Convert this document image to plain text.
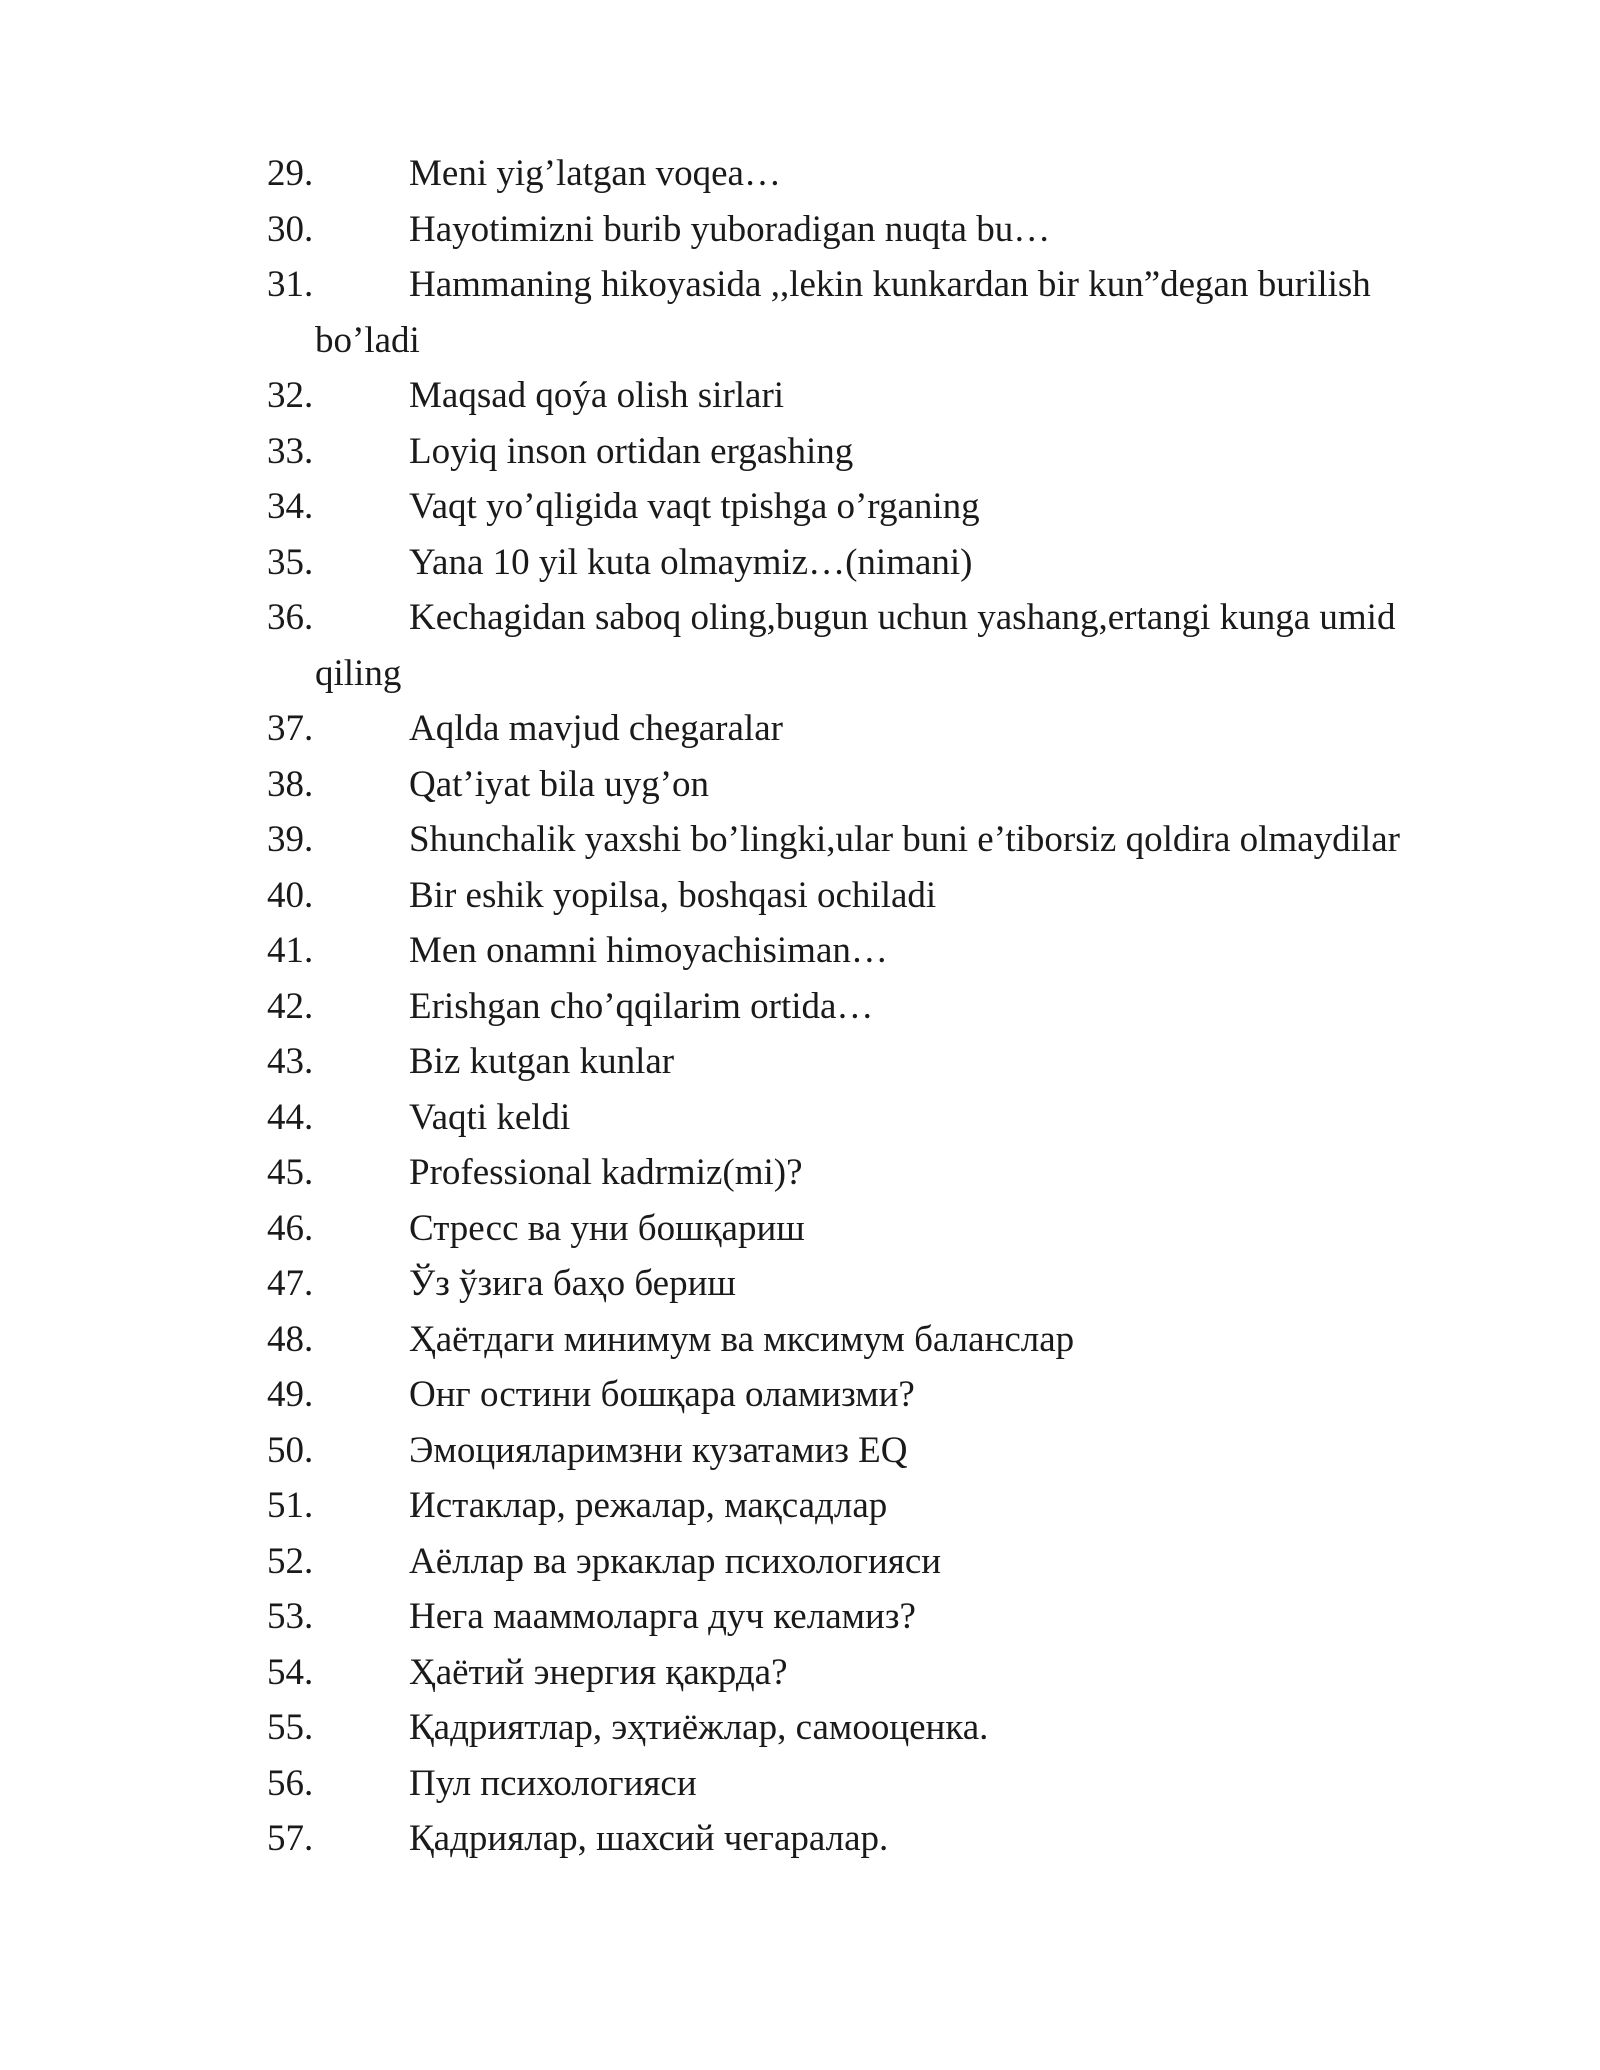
29.	Meni yig’latgan voqea…
30.	Hayotimizni burib yuboradigan nuqta bu…
31.	Hammaning hikoyasida ,,lekin kunkardan bir kun”degan burilish bo’ladi
32.	Maqsad qoýa olish sirlari
33.	Loyiq inson ortidan ergashing
34.	Vaqt yo’qligida vaqt tpishga o’rganing
35.	Yana 10 yil kuta olmaymiz…(nimani)
36.	Kechagidan saboq oling,bugun uchun yashang,ertangi kunga umid qiling
37.	Aqlda mavjud chegaralar
38.	Qat’iyat bila uyg’on
39.	Shunchalik yaxshi bo’lingki,ular buni e’tiborsiz qoldira olmaydilar
40.	Bir eshik yopilsa, boshqasi ochiladi
41.	Men onamni himoyachisiman…
42.	Erishgan cho’qqilarim ortida…
43.	Biz kutgan kunlar
44.	Vaqti keldi
45.	Professional kadrmiz(mi)?
46.	Стресс ва уни бошқариш
47.	Ўз ўзига баҳо бериш
48.	Ҳаётдаги минимум ва мксимум баланслар
49.	Онг остини бошқара оламизми?
50.	Эмоцияларимзни кузатамиз EQ
51.	Истаклар, режалар, мақсадлар
52.	Аёллар ва эркаклар психологияси
53.	Нега мааммоларга дуч келамиз?
54.	Ҳаётий энергия қакрда?
55.	Қадриятлар, эҳтиёжлар, самооценка.
56.	Пул психологияси
57.	Қадриялар, шахсий чегаралар.
